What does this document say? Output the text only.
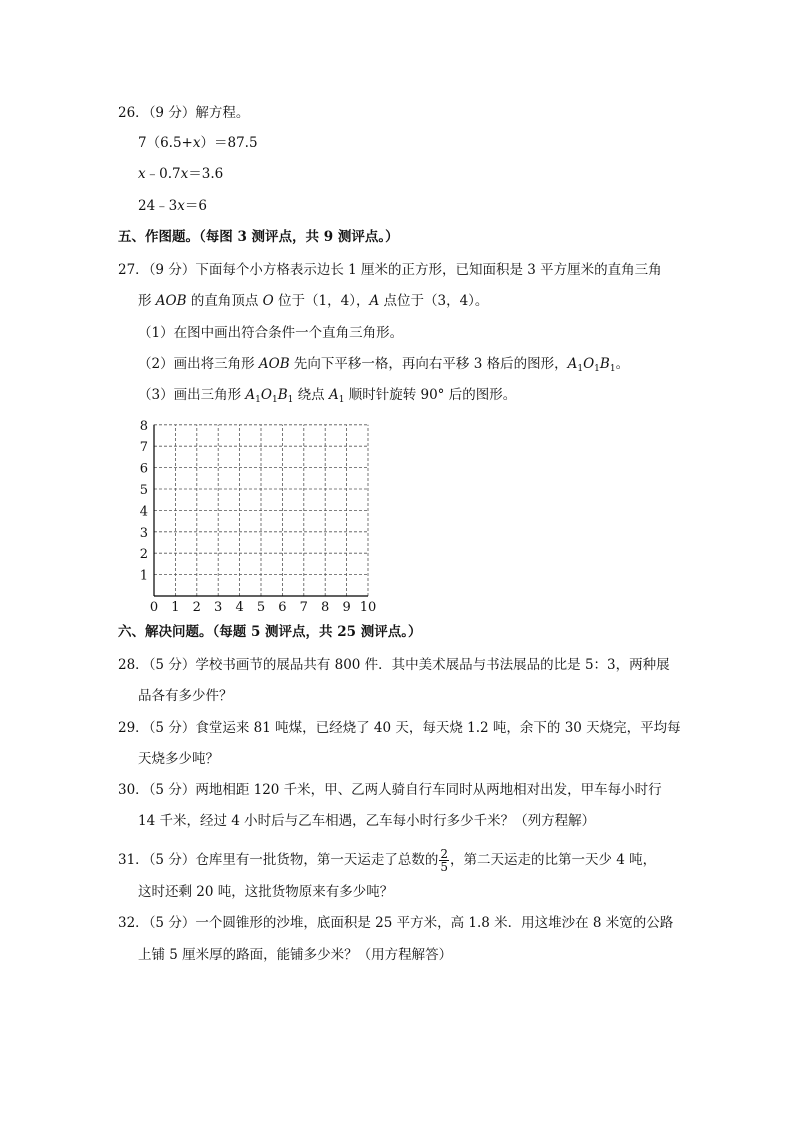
26．（9 分）解方程。
7（6.5+x）＝87.5
x﹣0.7x＝3.6
24﹣3x＝6
五、作图题。（每图 3 测评点，共 9 测评点。）
27．（9 分）下面每个小方格表示边长 1 厘米的正方形，已知面积是 3 平方厘米的直角三角
形 AOB 的直角顶点 O 位于（1，4），A 点位于（3，4）。
（1）在图中画出符合条件一个直角三角形。
（2）画出将三角形 AOB 先向下平移一格，再向右平移 3 格后的图形，$A_1O_1B_1$。
（3）画出三角形 $A_1O_1B_1$ 绕点 $A_1$ 顺时针旋转 90° 后的图形。
0 1 2 3 4 5 6 7 8 9 10
1
2
3
4
5
6
7
8
六、解决问题。（每题 5 测评点，共 25 测评点。）
28．（5 分）学校书画节的展品共有 800 件．其中美术展品与书法展品的比是 5：3，两种展
品各有多少件？
29．（5 分）食堂运来 81 吨煤，已经烧了 40 天，每天烧 1.2 吨，余下的 30 天烧完，平均每
天烧多少吨？
30．（5 分）两地相距 120 千米，甲、乙两人骑自行车同时从两地相对出发，甲车每小时行
14 千米，经过 4 小时后与乙车相遇，乙车每小时行多少千米？（列方程解）
31．（5 分）仓库里有一批货物，第一天运走了总数的 $\frac{2}{5}$ ，第二天运走的比第一天少 4 吨，
这时还剩 20 吨，这批货物原来有多少吨？
32．（5 分）一个圆锥形的沙堆，底面积是 25 平方米，高 1.8 米．用这堆沙在 8 米宽的公路
上铺 5 厘米厚的路面，能铺多少米？（用方程解答）
